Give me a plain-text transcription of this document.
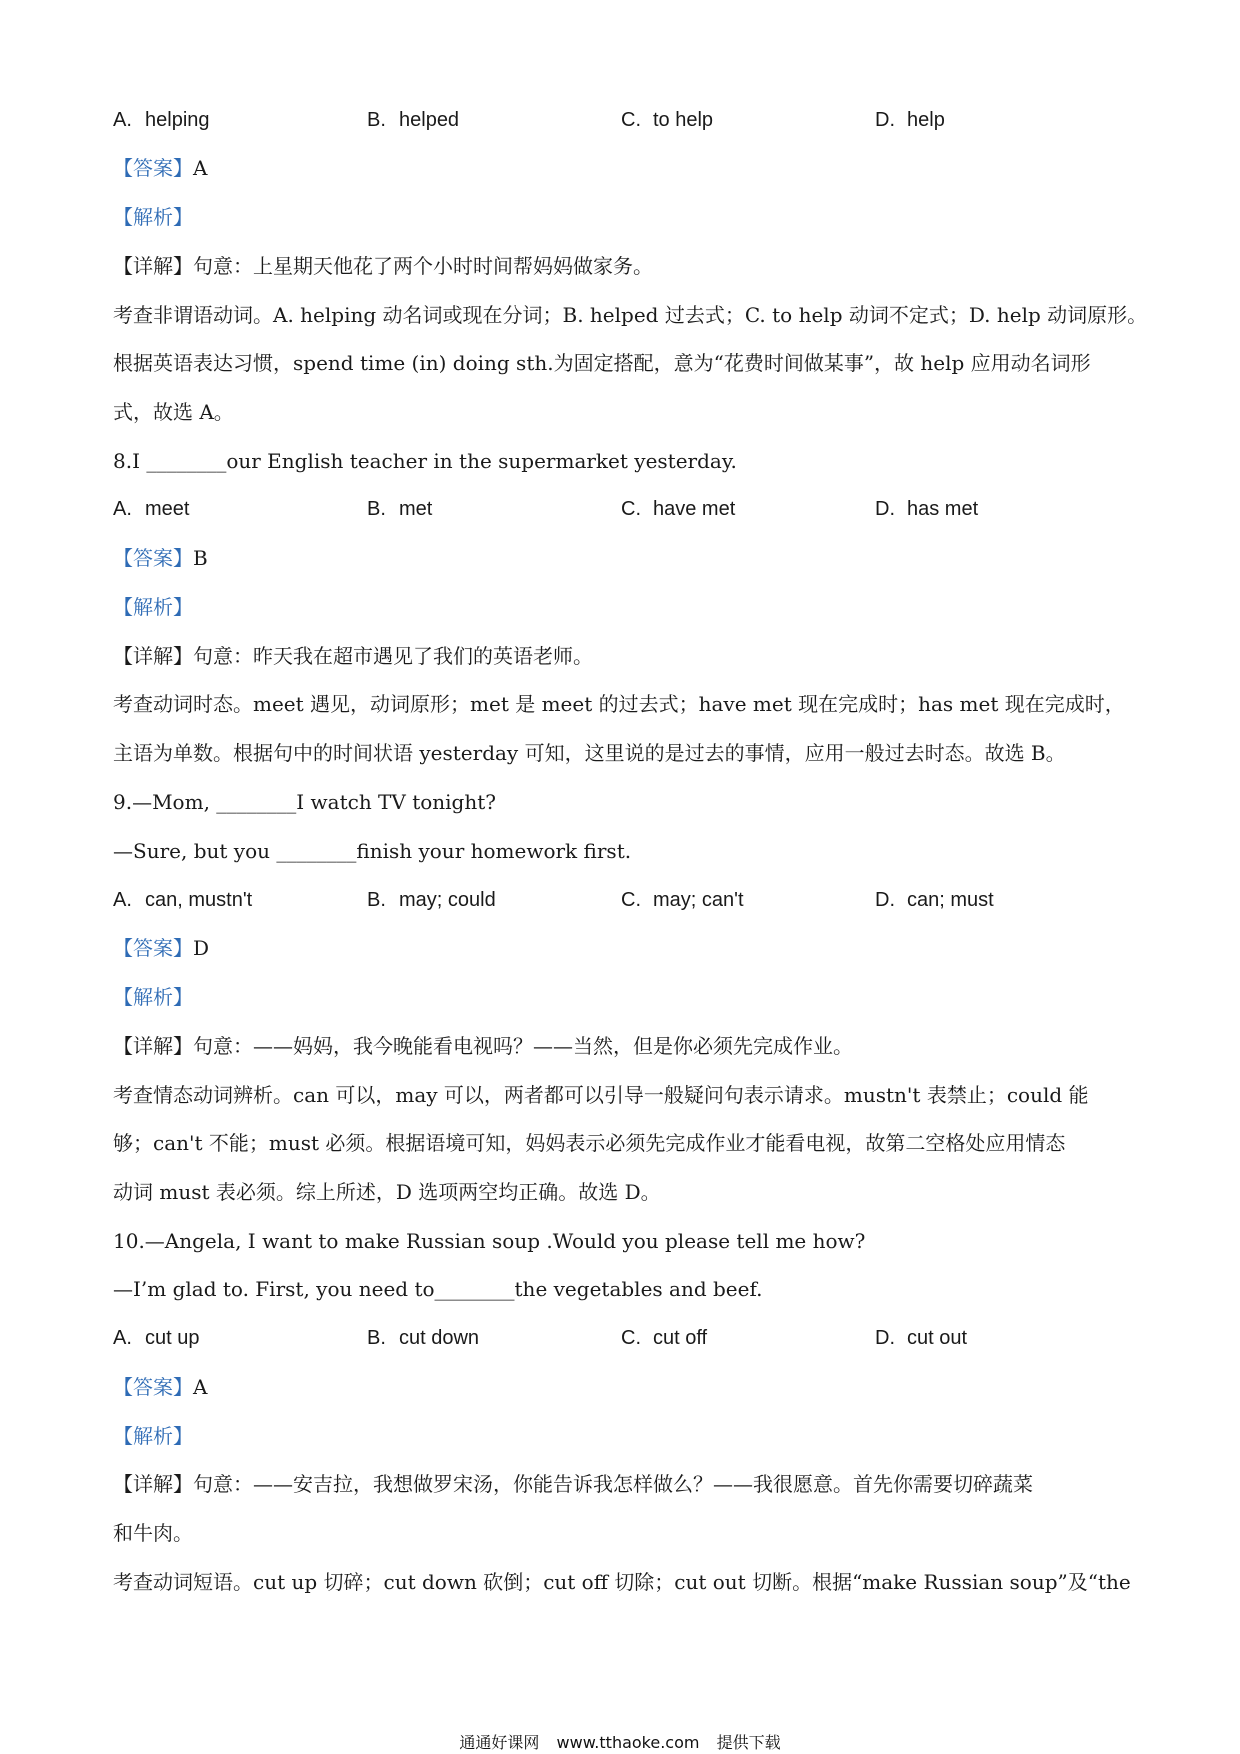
A. helping	B. helped	C. to help	D. help
【答案】A
【解析】
【详解】句意：上星期天他花了两个小时时间帮妈妈做家务。
考查非谓语动词。A. helping 动名词或现在分词；B. helped 过去式；C. to help 动词不定式；D. help 动词原形。
根据英语表达习惯，spend time (in) doing sth.为固定搭配，意为“花费时间做某事”，故 help 应用动名词形
式，故选 A。
8.I ________our English teacher in the supermarket yesterday.
A. meet	B. met	C. have met	D. has met
【答案】B
【解析】
【详解】句意：昨天我在超市遇见了我们的英语老师。
考查动词时态。meet 遇见，动词原形；met 是 meet 的过去式；have met 现在完成时；has met 现在完成时，
主语为单数。根据句中的时间状语 yesterday 可知，这里说的是过去的事情，应用一般过去时态。故选 B。
9.—Mom, ________I watch TV tonight?
—Sure, but you ________finish your homework first.
A. can, mustn't	B. may; could	C. may; can't	D. can; must
【答案】D
【解析】
【详解】句意：——妈妈，我今晚能看电视吗？——当然，但是你必须先完成作业。
考查情态动词辨析。can 可以，may 可以，两者都可以引导一般疑问句表示请求。mustn't 表禁止；could 能
够；can't 不能；must 必须。根据语境可知，妈妈表示必须先完成作业才能看电视，故第二空格处应用情态
动词 must 表必须。综上所述，D 选项两空均正确。故选 D。
10.—Angela, I want to make Russian soup .Would you please tell me how?
—I’m glad to. First, you need to________the vegetables and beef.
A. cut up	B. cut down	C. cut off	D. cut out
【答案】A
【解析】
【详解】句意：——安吉拉，我想做罗宋汤，你能告诉我怎样做么？——我很愿意。首先你需要切碎蔬菜
和牛肉。
考查动词短语。cut up 切碎；cut down 砍倒；cut off 切除；cut out 切断。根据“make Russian soup”及“the
通通好课网 www.tthaoke.com 提供下载
